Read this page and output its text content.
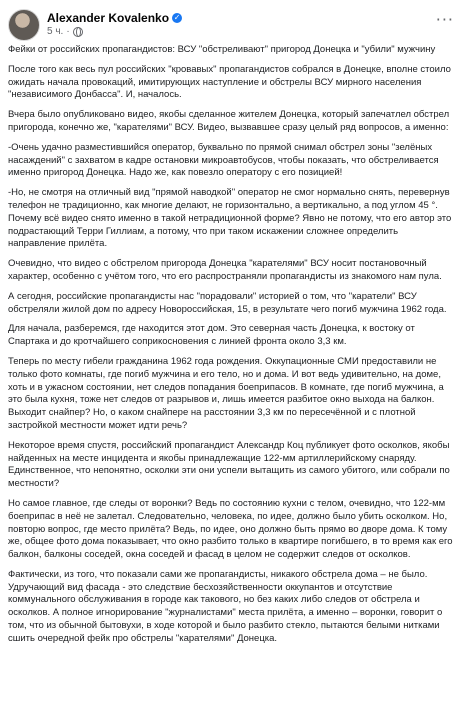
Alexander Kovalenko ✓
5 ч. ·
···

Фейки от российских пропагандистов: ВСУ "обстреливают" пригород Донецка и "убили" мужчину

После того как весь пул российских "кровавых" пропагандистов собрался в Донецке, вполне стоило ожидать начала провокаций, имитирующих наступление и обстрелы ВСУ мирного населения "независимого Донбасса". И, началось.

Вчера было опубликовано видео, якобы сделанное жителем Донецка, который запечатлел обстрел пригорода, конечно же, "карателями" ВСУ. Видео, вызвавшее сразу целый ряд вопросов, а именно:

-Очень удачно разместившийся оператор, буквально по прямой снимал обстрел зоны "зелёных насаждений" с захватом в кадре остановки микроавтобусов, чтобы показать, что обстреливается именно пригород Донецка. Надо же, как повезло оператору с его позицией!

-Но, не смотря на отличный вид "прямой наводкой" оператор не смог нормально снять, перевернув телефон не традиционно, как многие делают, не горизонтально, а вертикально, а под углом 45 °. Почему всё видео снято именно в такой нетрадиционной форме? Явно не потому, что его автор это подрастающий Терри Гиллиам, а потому, что при таком искажении сложнее определить направление прилёта.

Очевидно, что видео с обстрелом пригорода Донецка "карателями" ВСУ носит постановочный характер, особенно с учётом того, что его распространяли пропагандисты из знакомого нам пула.

А сегодня, российские пропагандисты нас "порадовали" историей о том, что "каратели" ВСУ обстреляли жилой дом по адресу Новороссийская, 15, в результате чего погиб мужчина 1962 года.

Для начала, разберемся, где находится этот дом. Это северная часть Донецка, к востоку от Спартака и до кротчайшего соприкосновения с линией фронта около 3,3 км.

Теперь по месту гибели гражданина 1962 года рождения. Оккупационные СМИ предоставили не только фото комнаты, где погиб мужчина и его тело, но и дома. И вот ведь удивительно, на доме, хоть и в ужасном состоянии, нет следов попадания боеприпасов. В комнате, где погиб мужчина, а это была кухня, тоже нет следов от разрывов и, лишь имеется разбитое окно выхода на балкон. Выходит снайпер? Но, о каком снайпере на расстоянии 3,3 км по пересечённой и с плотной застройкой местности может идти речь?

Некоторое время спустя, российский пропагандист Александр Коц публикует фото осколков, якобы найденных на месте инцидента и якобы принадлежащие 122-мм артиллерийскому снаряду. Единственное, что непонятно, осколки эти они успели вытащить из самого убитого, или собрали по местности?

Но самое главное, где следы от воронки? Ведь по состоянию кухни с телом, очевидно, что 122-мм боеприпас в неё не залетал. Следовательно, человека, по идее, должно было убить осколком. Но, повторю вопрос, где место прилёта? Ведь, по идее, оно должно быть прямо во дворе дома. К тому же, общее фото дома показывает, что окно разбито только в квартире погибшего, в то время как его балкон, балконы соседей, окна соседей и фасад в целом не содержит следов от осколков.

Фактически, из того, что показали сами же пропагандисты, никакого обстрела дома – не было. Удручающий вид фасада - это следствие бесхозяйственности оккупантов и отсутствие коммунального обслуживания в городе как такового, но без каких либо следов от обстрела и осколков. А полное игнорирование "журналистами" места прилёта, а именно – воронки, говорит о том, что из обычной бытовухи, в ходе которой и было разбито стекло, пытаются белыми нитками сшить очередной фейк про обстрелы "карателями" Донецка.
